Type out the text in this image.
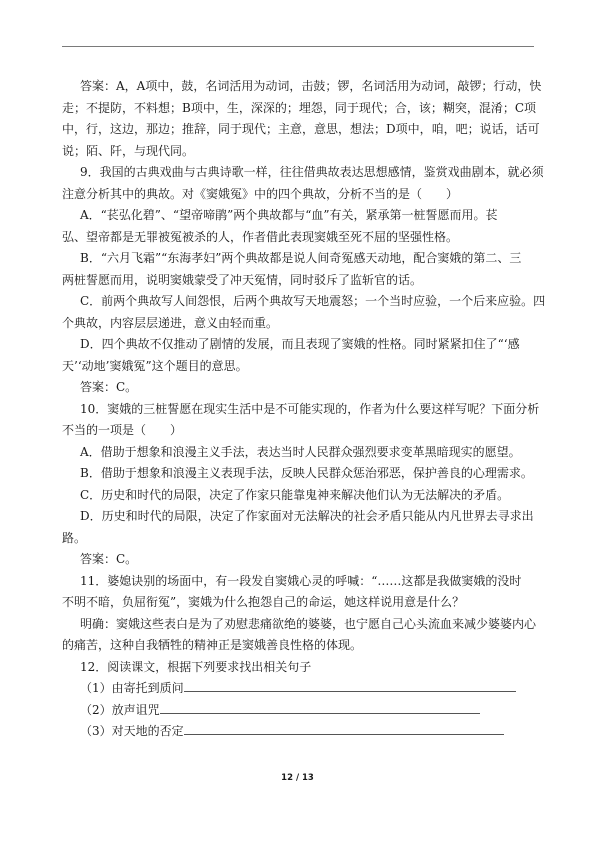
答案：A，A项中，鼓，名词活用为动词，击鼓；锣，名词活用为动词，敲锣；行动，快

走；不提防，不料想；B项中，生，深深的；埋怨，同于现代；合，该；糊突，混淆；C项

中，行，这边，那边；推辞，同于现代；主意，意思，想法；D项中，咱，吧；说话，话可

说；陌、阡，与现代同。

9．我国的古典戏曲与古典诗歌一样，往往借典故表达思想感情，鉴赏戏曲剧本，就必须

注意分析其中的典故。对《窦娥冤》中的四个典故，分析不当的是（　　）

A．“苌弘化碧”、“望帝啼鹃”两个典故都与“血”有关，紧承第一桩誓愿而用。苌

弘、望帝都是无罪被冤被杀的人，作者借此表现窦娥至死不屈的坚强性格。

B．“六月飞霜”“东海孝妇”两个典故都是说人间奇冤感天动地，配合窦娥的第二、三

两桩誓愿而用，说明窦娥蒙受了冲天冤情，同时驳斥了监斩官的话。

C．前两个典故写人间怨恨，后两个典故写天地震怒；一个当时应验，一个后来应验。四

个典故，内容层层递进，意义由轻而重。

D．四个典故不仅推动了剧情的发展，而且表现了窦娥的性格。同时紧紧扣住了“‘感

天’‘动地’窦娥冤”这个题目的意思。

答案：C。

10．窦娥的三桩誓愿在现实生活中是不可能实现的，作者为什么要这样写呢？下面分析

不当的一项是（　　）

A．借助于想象和浪漫主义手法，表达当时人民群众强烈要求变革黑暗现实的愿望。

B．借助于想象和浪漫主义表现手法，反映人民群众惩治邪恶，保护善良的心理需求。

C．历史和时代的局限，决定了作家只能靠鬼神来解决他们认为无法解决的矛盾。

D．历史和时代的局限，决定了作家面对无法解决的社会矛盾只能从内凡世界去寻求出

路。

答案：C。

11．婆媳诀别的场面中，有一段发自窦娥心灵的呼喊：“……这都是我做窦娥的没时

不明不暗，负屈衔冤”，窦娥为什么抱怨自己的命运，她这样说用意是什么？

明确：窦娥这些表白是为了劝慰悲痛欲绝的婆婆，也宁愿自己心头流血来减少婆婆内心

的痛苦，这种自我牺牲的精神正是窦娥善良性格的体现。

12．阅读课文，根据下列要求找出相关句子

（1）由寄托到质问

（2）放声诅咒

（3）对天地的否定

12 / 13
